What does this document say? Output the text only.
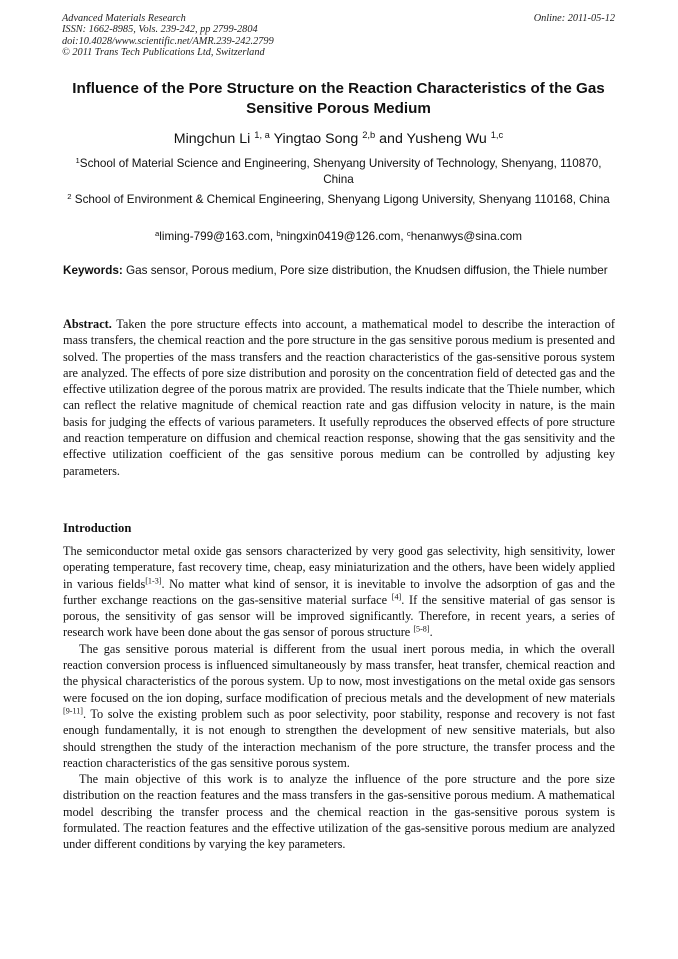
Advanced Materials Research
ISSN: 1662-8985, Vols. 239-242, pp 2799-2804
doi:10.4028/www.scientific.net/AMR.239-242.2799
© 2011 Trans Tech Publications Ltd, Switzerland
Online: 2011-05-12
Influence of the Pore Structure on the Reaction Characteristics of the Gas Sensitive Porous Medium
Mingchun Li $^{1, a}$ Yingtao Song $^{2,b}$ and Yusheng Wu $^{1,c}$
$^1$School of Material Science and Engineering, Shenyang University of Technology, Shenyang, 110870, China
$^2$ School of Environment & Chemical Engineering, Shenyang Ligong University, Shenyang 110168, China
$^a$liming-799@163.com, $^b$ningxin0419@126.com, $^c$henanwys@sina.com
Keywords: Gas sensor, Porous medium, Pore size distribution, the Knudsen diffusion, the Thiele number
Abstract. Taken the pore structure effects into account, a mathematical model to describe the interaction of mass transfers, the chemical reaction and the pore structure in the gas sensitive porous medium is presented and solved. The properties of the mass transfers and the reaction characteristics of the gas-sensitive porous system are analyzed. The effects of pore size distribution and porosity on the concentration field of detected gas and the effective utilization degree of the porous matrix are provided. The results indicate that the Thiele number, which can reflect the relative magnitude of chemical reaction rate and gas diffusion velocity in nature, is the main basis for judging the effects of various parameters. It usefully reproduces the observed effects of pore structure and reaction temperature on diffusion and chemical reaction response, showing that the gas sensitivity and the effective utilization coefficient of the gas sensitive porous medium can be controlled by adjusting key parameters.
Introduction

The semiconductor metal oxide gas sensors characterized by very good gas selectivity, high sensitivity, lower operating temperature, fast recovery time, cheap, easy miniaturization and the others, have been widely applied in various fields[1-3]. No matter what kind of sensor, it is inevitable to involve the adsorption of gas and the further exchange reactions on the gas-sensitive material surface [4]. If the sensitive material of gas sensor is porous, the sensitivity of gas sensor will be improved significantly. Therefore, in recent years, a series of research work have been done about the gas sensor of porous structure [5-8].

The gas sensitive porous material is different from the usual inert porous media, in which the overall reaction conversion process is influenced simultaneously by mass transfer, heat transfer, chemical reaction and the physical characteristics of the porous system. Up to now, most investigations on the metal oxide gas sensors were focused on the ion doping, surface modification of precious metals and the development of new materials [9-11]. To solve the existing problem such as poor selectivity, poor stability, response and recovery is not fast enough fundamentally, it is not enough to strengthen the development of new sensitive materials, but also should strengthen the study of the interaction mechanism of the pore structure, the transfer process and the reaction characteristics of the gas sensitive porous system.

The main objective of this work is to analyze the influence of the pore structure and the pore size distribution on the reaction features and the mass transfers in the gas-sensitive porous medium. A mathematical model describing the transfer process and the chemical reaction in the gas-sensitive porous system is formulated. The reaction features and the effective utilization of the gas-sensitive porous medium are analyzed under different conditions by varying the key parameters.
